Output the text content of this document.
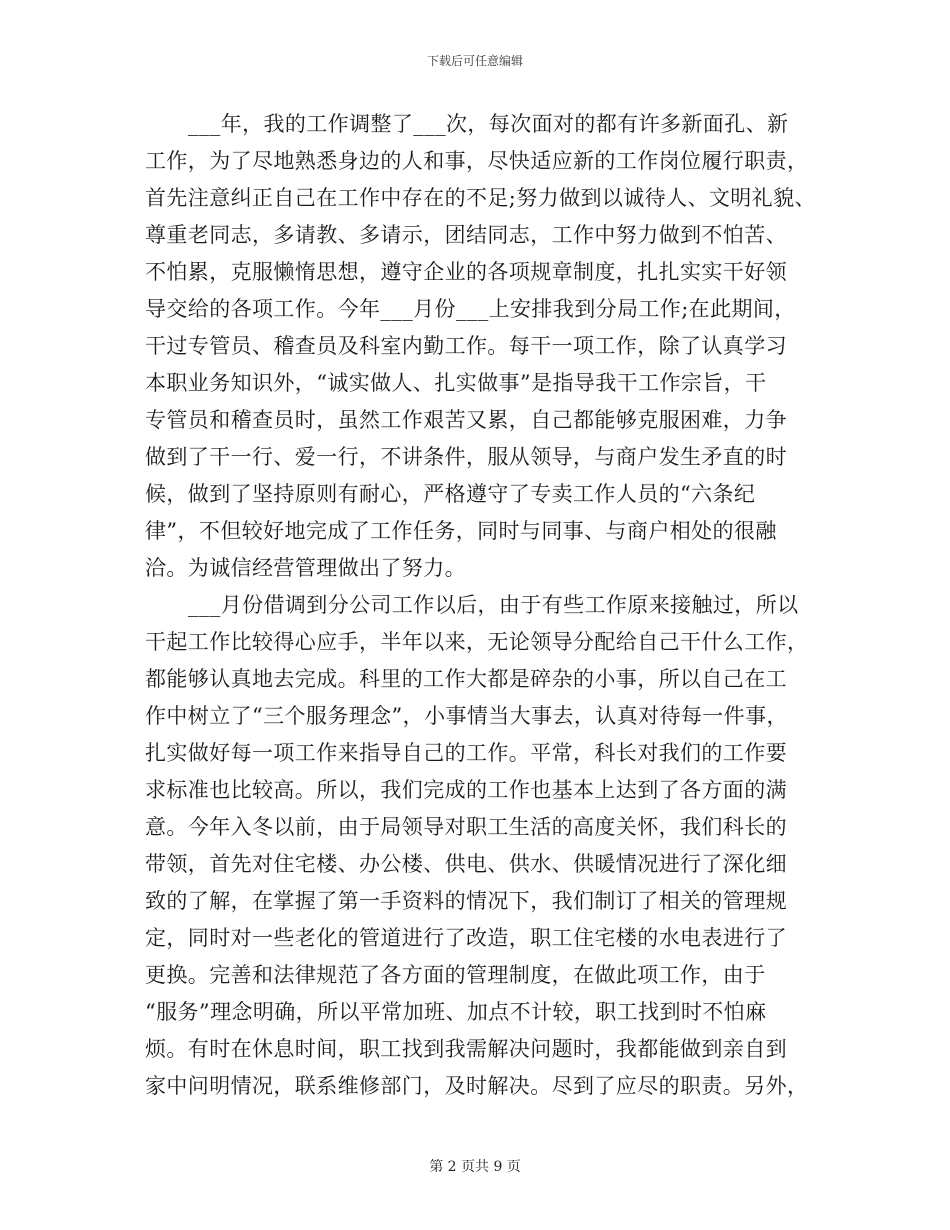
下载后可任意编辑
___年，我的工作调整了___次，每次面对的都有许多新面孔、新
工作，为了尽地熟悉身边的人和事，尽快适应新的工作岗位履行职责，
首先注意纠正自己在工作中存在的不足;努力做到以诚待人、文明礼貌、
尊重老同志，多请教、多请示，团结同志，工作中努力做到不怕苦、
不怕累，克服懒惰思想，遵守企业的各项规章制度，扎扎实实干好领
导交给的各项工作。今年___月份___上安排我到分局工作;在此期间，
干过专管员、稽查员及科室内勤工作。每干一项工作，除了认真学习
本职业务知识外，“诚实做人、扎实做事”是指导我干工作宗旨，干
专管员和稽查员时，虽然工作艰苦又累，自己都能够克服困难，力争
做到了干一行、爱一行，不讲条件，服从领导，与商户发生矛直的时
候，做到了坚持原则有耐心，严格遵守了专卖工作人员的“六条纪
律”，不但较好地完成了工作任务，同时与同事、与商户相处的很融
洽。为诚信经营管理做出了努力。
___月份借调到分公司工作以后，由于有些工作原来接触过，所以
干起工作比较得心应手，半年以来，无论领导分配给自己干什么工作，
都能够认真地去完成。科里的工作大都是碎杂的小事，所以自己在工
作中树立了“三个服务理念”，小事情当大事去，认真对待每一件事，
扎实做好每一项工作来指导自己的工作。平常，科长对我们的工作要
求标准也比较高。所以，我们完成的工作也基本上达到了各方面的满
意。今年入冬以前，由于局领导对职工生活的高度关怀，我们科长的
带领，首先对住宅楼、办公楼、供电、供水、供暖情况进行了深化细
致的了解，在掌握了第一手资料的情况下，我们制订了相关的管理规
定，同时对一些老化的管道进行了改造，职工住宅楼的水电表进行了
更换。完善和法律规范了各方面的管理制度，在做此项工作，由于
“服务”理念明确，所以平常加班、加点不计较，职工找到时不怕麻
烦。有时在休息时间，职工找到我需解决问题时，我都能做到亲自到
家中问明情况，联系维修部门，及时解决。尽到了应尽的职责。另外，
第 2 页共 9 页
